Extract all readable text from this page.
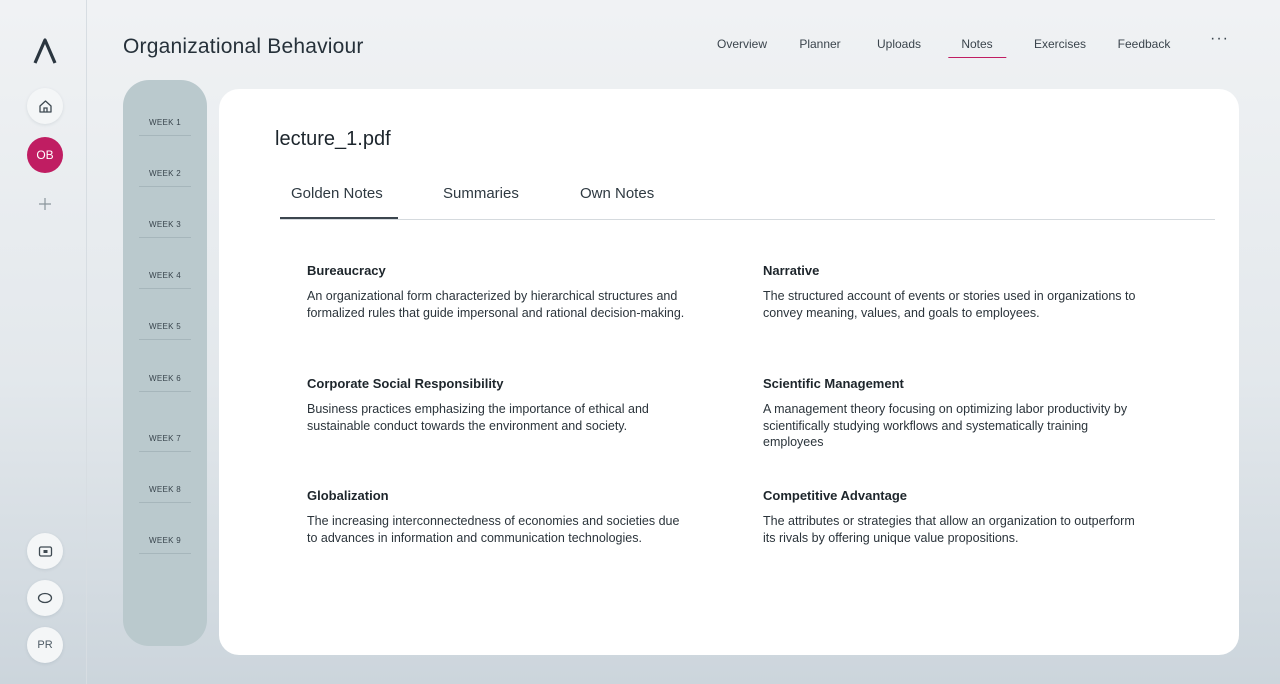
OB
PR
Organizational Behaviour	Overview	Planner	Uploads	Notes	Exercises	Feedback ···
WEEK 1
WEEK 2
WEEK 3
WEEK 4
WEEK 5
WEEK 6
WEEK 7
WEEK 8
WEEK 9
lecture_1.pdf
Golden Notes	Summaries	Own Notes
Bureaucracy
An organizational form characterized by hierarchical structures and formalized rules that guide impersonal and rational decision-making.
Narrative
The structured account of events or stories used in organizations to convey meaning, values, and goals to employees.
Corporate Social Responsibility
Business practices emphasizing the importance of ethical and sustainable conduct towards the environment and society.
Scientific Management
A management theory focusing on optimizing labor productivity by scientifically studying workflows and systematically training employees
Globalization
The increasing interconnectedness of economies and societies due to advances in information and communication technologies.
Competitive Advantage
The attributes or strategies that allow an organization to outperform its rivals by offering unique value propositions.
